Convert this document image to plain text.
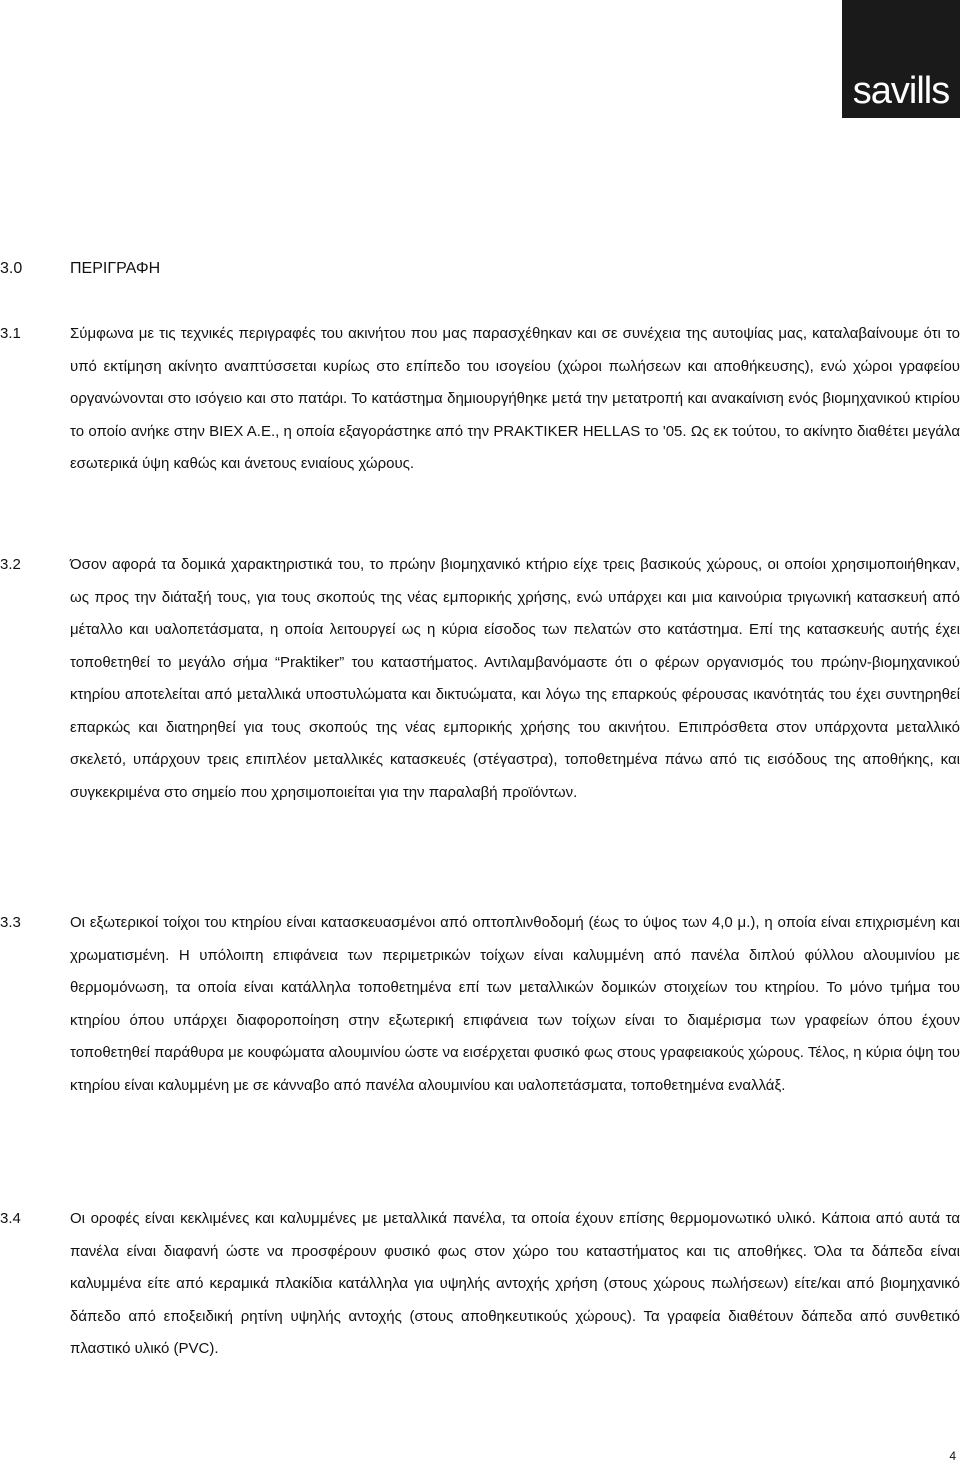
savills
3.0	ΠΕΡΙΓΡΑΦΗ
3.1	Σύμφωνα με τις τεχνικές περιγραφές του ακινήτου που μας παρασχέθηκαν και σε συνέχεια της αυτοψίας μας, καταλαβαίνουμε ότι το υπό εκτίμηση ακίνητο αναπτύσσεται κυρίως στο επίπεδο του ισογείου (χώροι πωλήσεων και αποθήκευσης), ενώ χώροι γραφείου οργανώνονται στο ισόγειο και στο πατάρι. Το κατάστημα δημιουργήθηκε μετά την μετατροπή και ανακαίνιση ενός βιομηχανικού κτιρίου το οποίο ανήκε στην ΒΙΕΧ Α.Ε., η οποία εξαγοράστηκε από την PRAKTIKER HELLAS το '05. Ως εκ τούτου, το ακίνητο διαθέτει μεγάλα εσωτερικά ύψη καθώς και άνετους ενιαίους χώρους.

3.2	Όσον αφορά τα δομικά χαρακτηριστικά του, το πρώην βιομηχανικό κτήριο είχε τρεις βασικούς χώρους, οι οποίοι χρησιμοποιήθηκαν, ως προς την διάταξή τους, για τους σκοπούς της νέας εμπορικής χρήσης, ενώ υπάρχει και μια καινούρια τριγωνική κατασκευή από μέταλλο και υαλοπετάσματα, η οποία λειτουργεί ως η κύρια είσοδος των πελατών στο κατάστημα. Επί της κατασκευής αυτής έχει τοποθετηθεί το μεγάλο σήμα “Praktiker” του καταστήματος. Αντιλαμβανόμαστε ότι ο φέρων οργανισμός του πρώην-βιομηχανικού κτηρίου αποτελείται από μεταλλικά υποστυλώματα και δικτυώματα, και λόγω της επαρκούς φέρουσας ικανότητάς του έχει συντηρηθεί επαρκώς και διατηρηθεί για τους σκοπούς της νέας εμπορικής χρήσης του ακινήτου. Επιπρόσθετα στον υπάρχοντα μεταλλικό σκελετό, υπάρχουν τρεις επιπλέον μεταλλικές κατασκευές (στέγαστρα), τοποθετημένα πάνω από τις εισόδους της αποθήκης, και συγκεκριμένα στο σημείο που χρησιμοποιείται για την παραλαβή προϊόντων.

3.3	Οι εξωτερικοί τοίχοι του κτηρίου είναι κατασκευασμένοι από οπτοπλινθοδομή (έως το ύψος των 4,0 μ.), η οποία είναι επιχρισμένη και χρωματισμένη. Η υπόλοιπη επιφάνεια των περιμετρικών τοίχων είναι καλυμμένη από πανέλα διπλού φύλλου αλουμινίου με θερμομόνωση, τα οποία είναι κατάλληλα τοποθετημένα επί των μεταλλικών δομικών στοιχείων του κτηρίου. Το μόνο τμήμα του κτηρίου όπου υπάρχει διαφοροποίηση στην εξωτερική επιφάνεια των τοίχων είναι το διαμέρισμα των γραφείων όπου έχουν τοποθετηθεί παράθυρα με κουφώματα αλουμινίου ώστε να εισέρχεται φυσικό φως στους γραφειακούς χώρους. Τέλος, η κύρια όψη του κτηρίου είναι καλυμμένη με σε κάνναβο από πανέλα αλουμινίου και υαλοπετάσματα, τοποθετημένα εναλλάξ.

3.4	Οι οροφές είναι κεκλιμένες και καλυμμένες με μεταλλικά πανέλα, τα οποία έχουν επίσης θερμομονωτικό υλικό. Κάποια από αυτά τα πανέλα είναι διαφανή ώστε να προσφέρουν φυσικό φως στον χώρο του καταστήματος και τις αποθήκες. Όλα τα δάπεδα είναι καλυμμένα είτε από κεραμικά πλακίδια κατάλληλα για υψηλής αντοχής χρήση (στους χώρους πωλήσεων) είτε/και από βιομηχανικό δάπεδο από εποξειδική ρητίνη υψηλής αντοχής (στους αποθηκευτικούς χώρους). Τα γραφεία διαθέτουν δάπεδα από συνθετικό πλαστικό υλικό (PVC).

4
